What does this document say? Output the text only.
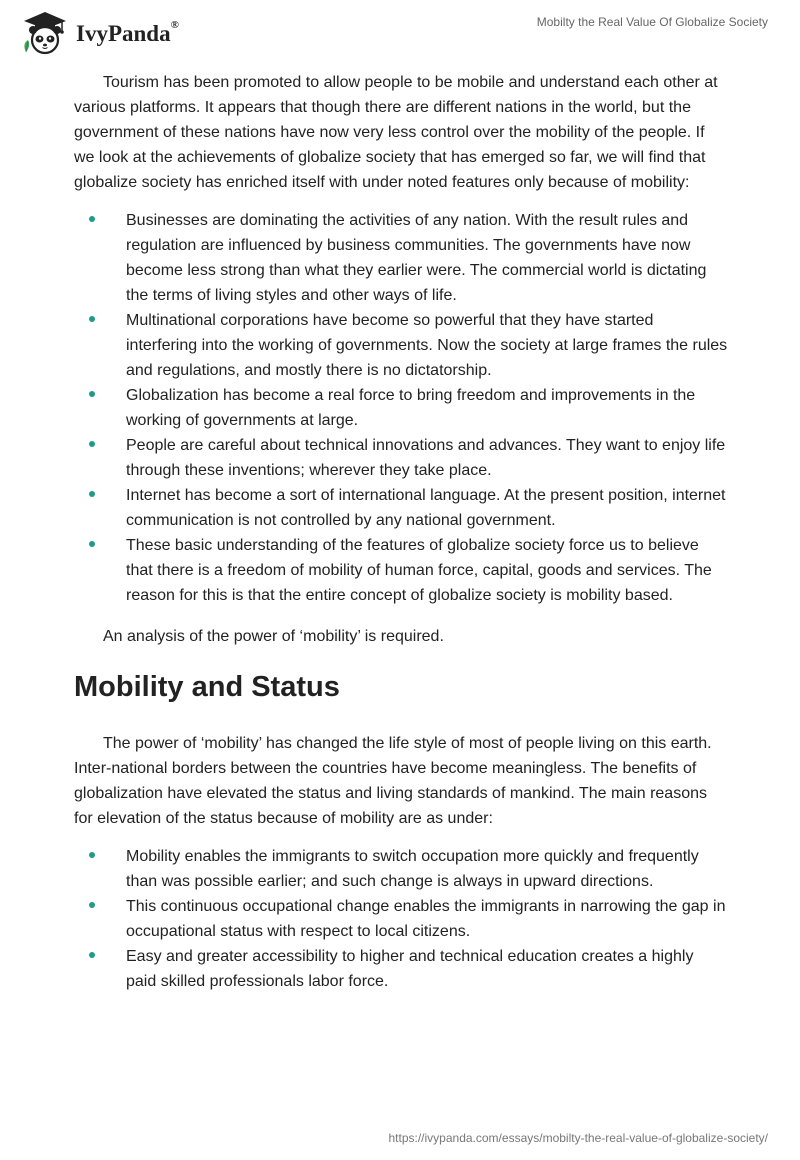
IvyPanda®	Mobilty the Real Value Of Globalize Society

Tourism has been promoted to allow people to be mobile and understand each other at various platforms. It appears that though there are different nations in the world, but the government of these nations have now very less control over the mobility of the people. If we look at the achievements of globalize society that has emerged so far, we will find that globalize society has enriched itself with under noted features only because of mobility:

Businesses are dominating the activities of any nation. With the result rules and regulation are influenced by business communities. The governments have now become less strong than what they earlier were. The commercial world is dictating the terms of living styles and other ways of life.
Multinational corporations have become so powerful that they have started interfering into the working of governments. Now the society at large frames the rules and regulations, and mostly there is no dictatorship.
Globalization has become a real force to bring freedom and improvements in the working of governments at large.
People are careful about technical innovations and advances. They want to enjoy life through these inventions; wherever they take place.
Internet has become a sort of international language. At the present position, internet communication is not controlled by any national government.
These basic understanding of the features of globalize society force us to believe that there is a freedom of mobility of human force, capital, goods and services. The reason for this is that the entire concept of globalize society is mobility based.

An analysis of the power of ‘mobility’ is required.

Mobility and Status

The power of ‘mobility’ has changed the life style of most of people living on this earth. Inter-national borders between the countries have become meaningless. The benefits of globalization have elevated the status and living standards of mankind. The main reasons for elevation of the status because of mobility are as under:

Mobility enables the immigrants to switch occupation more quickly and frequently than was possible earlier; and such change is always in upward directions.
This continuous occupational change enables the immigrants in narrowing the gap in occupational status with respect to local citizens.
Easy and greater accessibility to higher and technical education creates a highly paid skilled professionals labor force.
https://ivypanda.com/essays/mobilty-the-real-value-of-globalize-society/
